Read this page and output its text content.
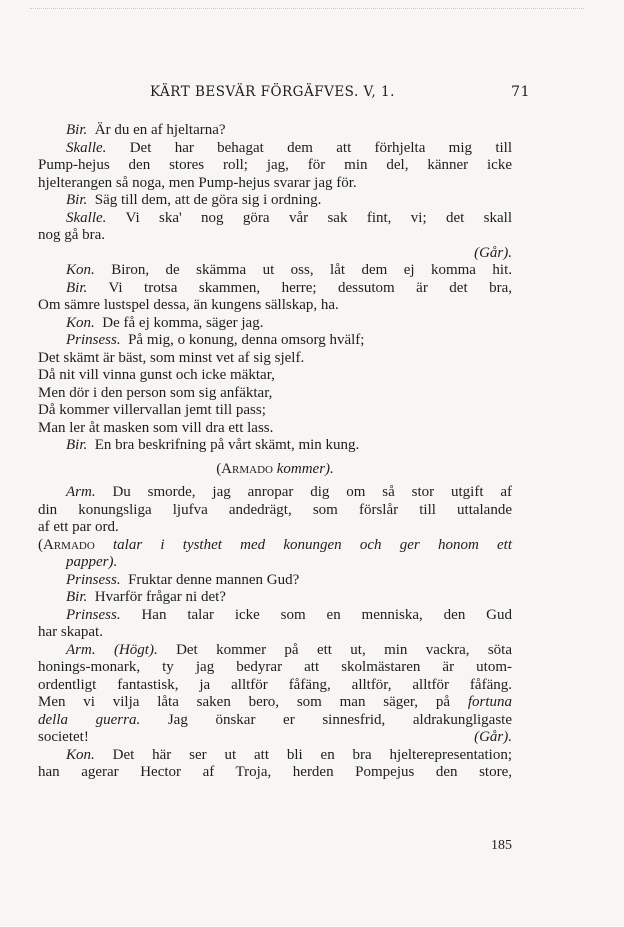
KÄRT BESVÄR FÖRGÄFVES. V, 1.	71
Bir. Är du en af hjeltarna?
Skalle. Det har behagat dem att förhjelta mig till
Pump-hejus den stores roll; jag, för min del, känner icke
hjelterangen så noga, men Pump-hejus svarar jag för.
Bir. Säg till dem, att de göra sig i ordning.
Skalle. Vi ska' nog göra vår sak fint, vi; det skall
nog gå bra.
(Går).
Kon. Biron, de skämma ut oss, låt dem ej komma hit.
Bir. Vi trotsa skammen, herre; dessutom är det bra,
Om sämre lustspel dessa, än kungens sällskap, ha.
Kon. De få ej komma, säger jag.
Prinsess. På mig, o konung, denna omsorg hvälf;
Det skämt är bäst, som minst vet af sig sjelf.
Då nit vill vinna gunst och icke mäktar,
Men dör i den person som sig anfäktar,
Då kommer villervallan jemt till pass;
Man ler åt masken som vill dra ett lass.
Bir. En bra beskrifning på vårt skämt, min kung.
(Armado kommer).
Arm. Du smorde, jag anropar dig om så stor utgift af
din konungsliga ljufva andedrägt, som förslår till uttalande
af ett par ord.
(Armado talar i tysthet med konungen och ger honom ett
papper).
Prinsess. Fruktar denne mannen Gud?
Bir. Hvarför frågar ni det?
Prinsess. Han talar icke som en menniska, den Gud
har skapat.
Arm. (Högt). Det kommer på ett ut, min vackra, söta
honings-monark, ty jag bedyrar att skolmästaren är utom-
ordentligt fantastisk, ja alltför fåfäng, alltför, alltför fåfäng.
Men vi vilja låta saken bero, som man säger, på fortuna
della guerra. Jag önskar er sinnesfrid, aldrakungligaste
societet!	(Går).
Kon. Det här ser ut att bli en bra hjelterepresentation;
han agerar Hector af Troja, herden Pompejus den store,
185
